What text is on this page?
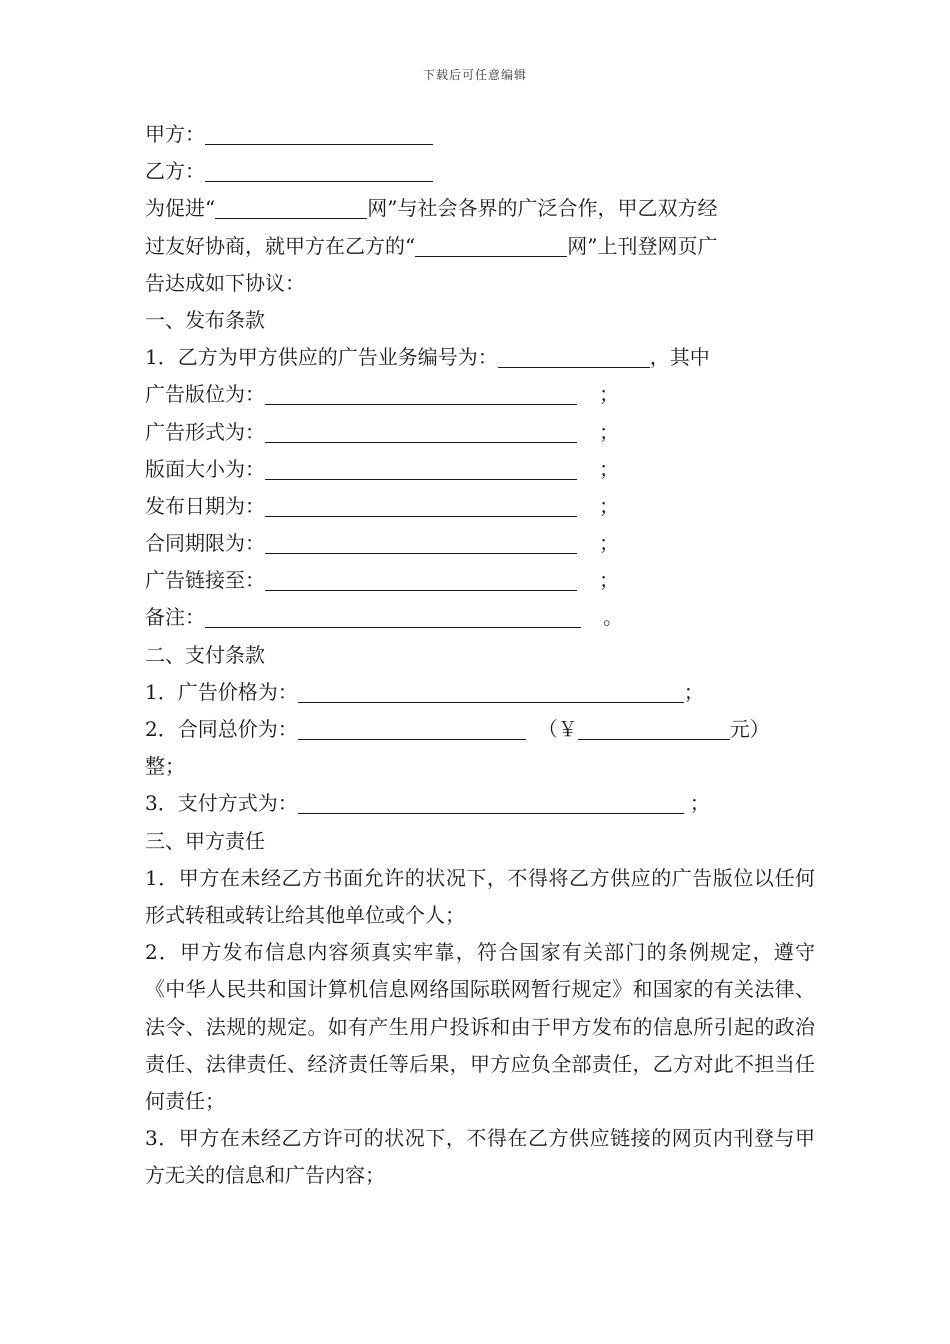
下载后可任意编辑
甲方：
乙方：
为促进“	网”与社会各界的广泛合作，甲乙双方经
过友好协商，就甲方在乙方的“	网”上刊登网页广
告达成如下协议：
一、发布条款
1．乙方为甲方供应的广告业务编号为：	，其中
广告版位为：	；
广告形式为：	；
版面大小为：	；
发布日期为：	；
合同期限为：	；
广告链接至：	；
备注：	。
二、支付条款
1．广告价格为：	；
2．合同总价为：	（￥	元）
整；
3．支付方式为：	；
三、甲方责任
1．甲方在未经乙方书面允许的状况下，不得将乙方供应的广告版位以任何形式转租或转让给其他单位或个人；
2．甲方发布信息内容须真实牢靠，符合国家有关部门的条例规定，遵守《中华人民共和国计算机信息网络国际联网暂行规定》和国家的有关法律、法令、法规的规定。如有产生用户投诉和由于甲方发布的信息所引起的政治责任、法律责任、经济责任等后果，甲方应负全部责任，乙方对此不担当任何责任；
3．甲方在未经乙方许可的状况下，不得在乙方供应链接的网页内刊登与甲方无关的信息和广告内容；
